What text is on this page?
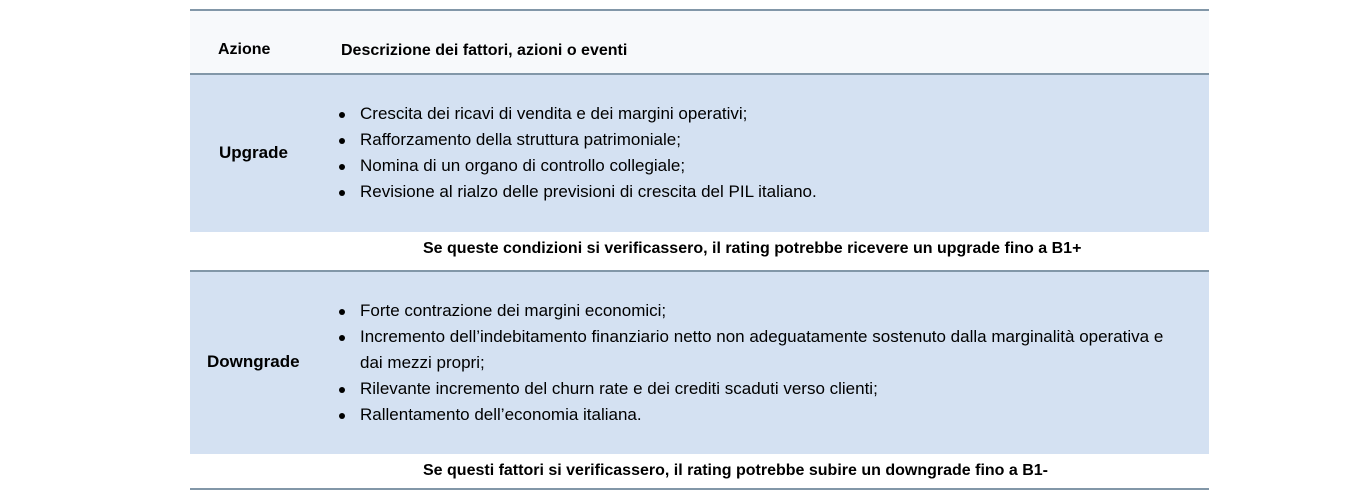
Azione	Descrizione dei fattori, azioni o eventi
Upgrade
Crescita dei ricavi di vendita e dei margini operativi;
Rafforzamento della struttura patrimoniale;
Nomina di un organo di controllo collegiale;
Revisione al rialzo delle previsioni di crescita del PIL italiano.
Se queste condizioni si verificassero, il rating potrebbe ricevere un upgrade fino a B1+
Downgrade
Forte contrazione dei margini economici;
Incremento dell’indebitamento finanziario netto non adeguatamente sostenuto dalla marginalità operativa e dai mezzi propri;
Rilevante incremento del churn rate e dei crediti scaduti verso clienti;
Rallentamento dell’economia italiana.
Se questi fattori si verificassero, il rating potrebbe subire un downgrade fino a B1-
